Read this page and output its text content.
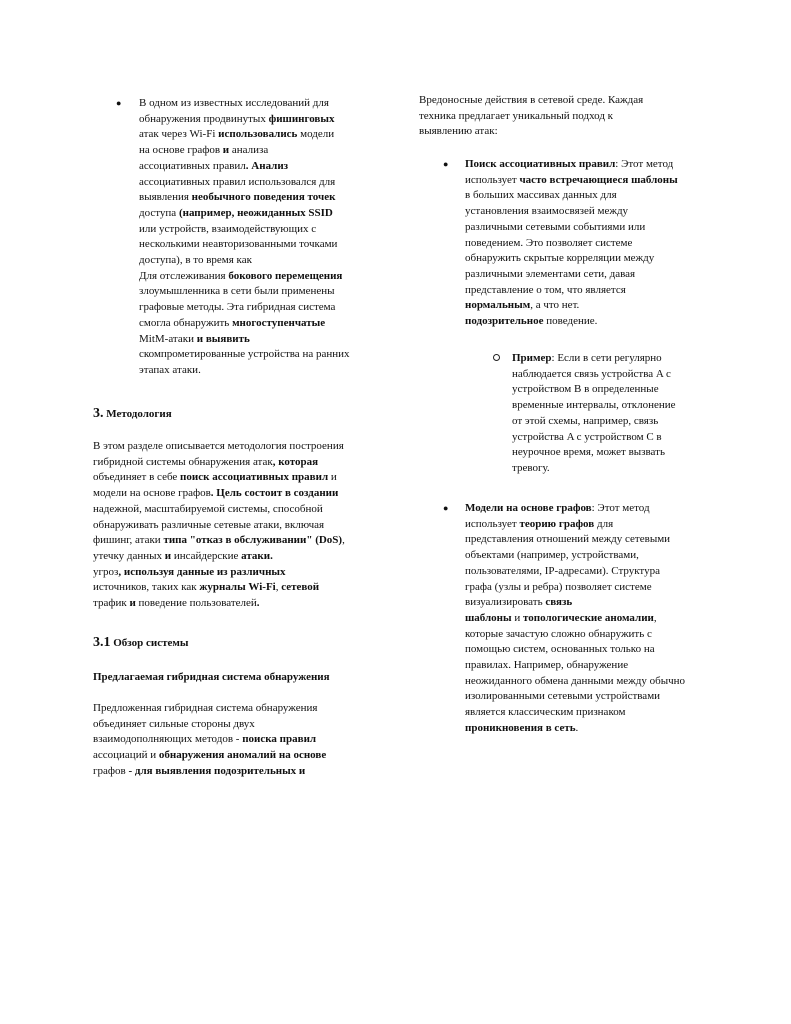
● В одном из известных исследований для
обнаружения продвинутых фишинговых
атак через Wi-Fi использовались модели
на основе графов и анализа
ассоциативных правил. Анализ
ассоциативных правил использовался для
выявления необычного поведения точек
доступа (например, неожиданных SSID
или устройств, взаимодействующих с
несколькими неавторизованными точками
доступа), в то время как
Для отслеживания бокового перемещения
злоумышленника в сети были применены
графовые методы. Эта гибридная система
смогла обнаружить многоступенчатые
MitM-атаки и выявить
скомпрометированные устройства на ранних
этапах атаки.
3. Методология
В этом разделе описывается методология построения
гибридной системы обнаружения атак, которая
объединяет в себе поиск ассоциативных правил и
модели на основе графов. Цель состоит в создании
надежной, масштабируемой системы, способной
обнаруживать различные сетевые атаки, включая
фишинг, атаки типа "отказ в обслуживании" (DoS),
утечку данных и инсайдерские атаки.
угроз, используя данные из различных
источников, таких как журналы Wi-Fi, сетевой
трафик и поведение пользователей.
3.1 Обзор системы
Предлагаемая гибридная система обнаружения
Предложенная гибридная система обнаружения
объединяет сильные стороны двух
взаимодополняющих методов - поиска правил
ассоциаций и обнаружения аномалий на основе
графов - для выявления подозрительных и
Вредоносные действия в сетевой среде. Каждая
техника предлагает уникальный подход к
выявлению атак:
● Поиск ассоциативных правил: Этот метод
использует часто встречающиеся шаблоны
в больших массивах данных для
установления взаимосвязей между
различными сетевыми событиями или
поведением. Это позволяет системе
обнаружить скрытые корреляции между
различными элементами сети, давая
представление о том, что является
нормальным, а что нет.
подозрительное поведение.
Пример: Если в сети регулярно
наблюдается связь устройства A с
устройством B в определенные
временные интервалы, отклонение
от этой схемы, например, связь
устройства A с устройством C в
неурочное время, может вызвать
тревогу.
● Модели на основе графов: Этот метод
использует теорию графов для
представления отношений между сетевыми
объектами (например, устройствами,
пользователями, IP-адресами). Структура
графа (узлы и ребра) позволяет системе
визуализировать связь
шаблоны и топологические аномалии,
которые зачастую сложно обнаружить с
помощью систем, основанных только на
правилах. Например, обнаружение
неожиданного обмена данными между обычно
изолированными сетевыми устройствами
является классическим признаком
проникновения в сеть.
